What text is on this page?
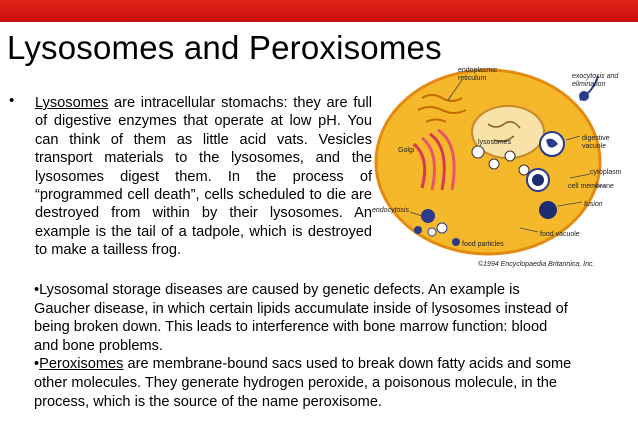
Lysosomes and Peroxisomes
• Lysosomes are intracellular stomachs: they are full of digestive enzymes that operate at low pH. You can think of them as little acid vats. Vesicles transport materials to the lysosomes, and the lysosomes digest them. In the process of “programmed cell death”, cells scheduled to die are destroyed from within by their lysosomes. An example is the tail of a tadpole, which is destroyed to make a tailless frog.
endoplasmic
reticulum	exocytosis and
elimination
lysosomes
Golgi
digestive
vacuole
fusion
cytoplasm
cell membrane
endocytosis
food vacuole
food particles
©1994 Encyclopaedia Britannica, Inc.
•Lysosomal storage diseases are caused by genetic defects. An example is
Gaucher disease, in which certain lipids accumulate inside of lysosomes instead of
being broken down. This leads to interference with bone marrow function: blood
and bone problems.
•Peroxisomes are membrane-bound sacs used to break down fatty acids and some
other molecules. They generate hydrogen peroxide, a poisonous molecule, in the
process, which is the source of the name peroxisome.
